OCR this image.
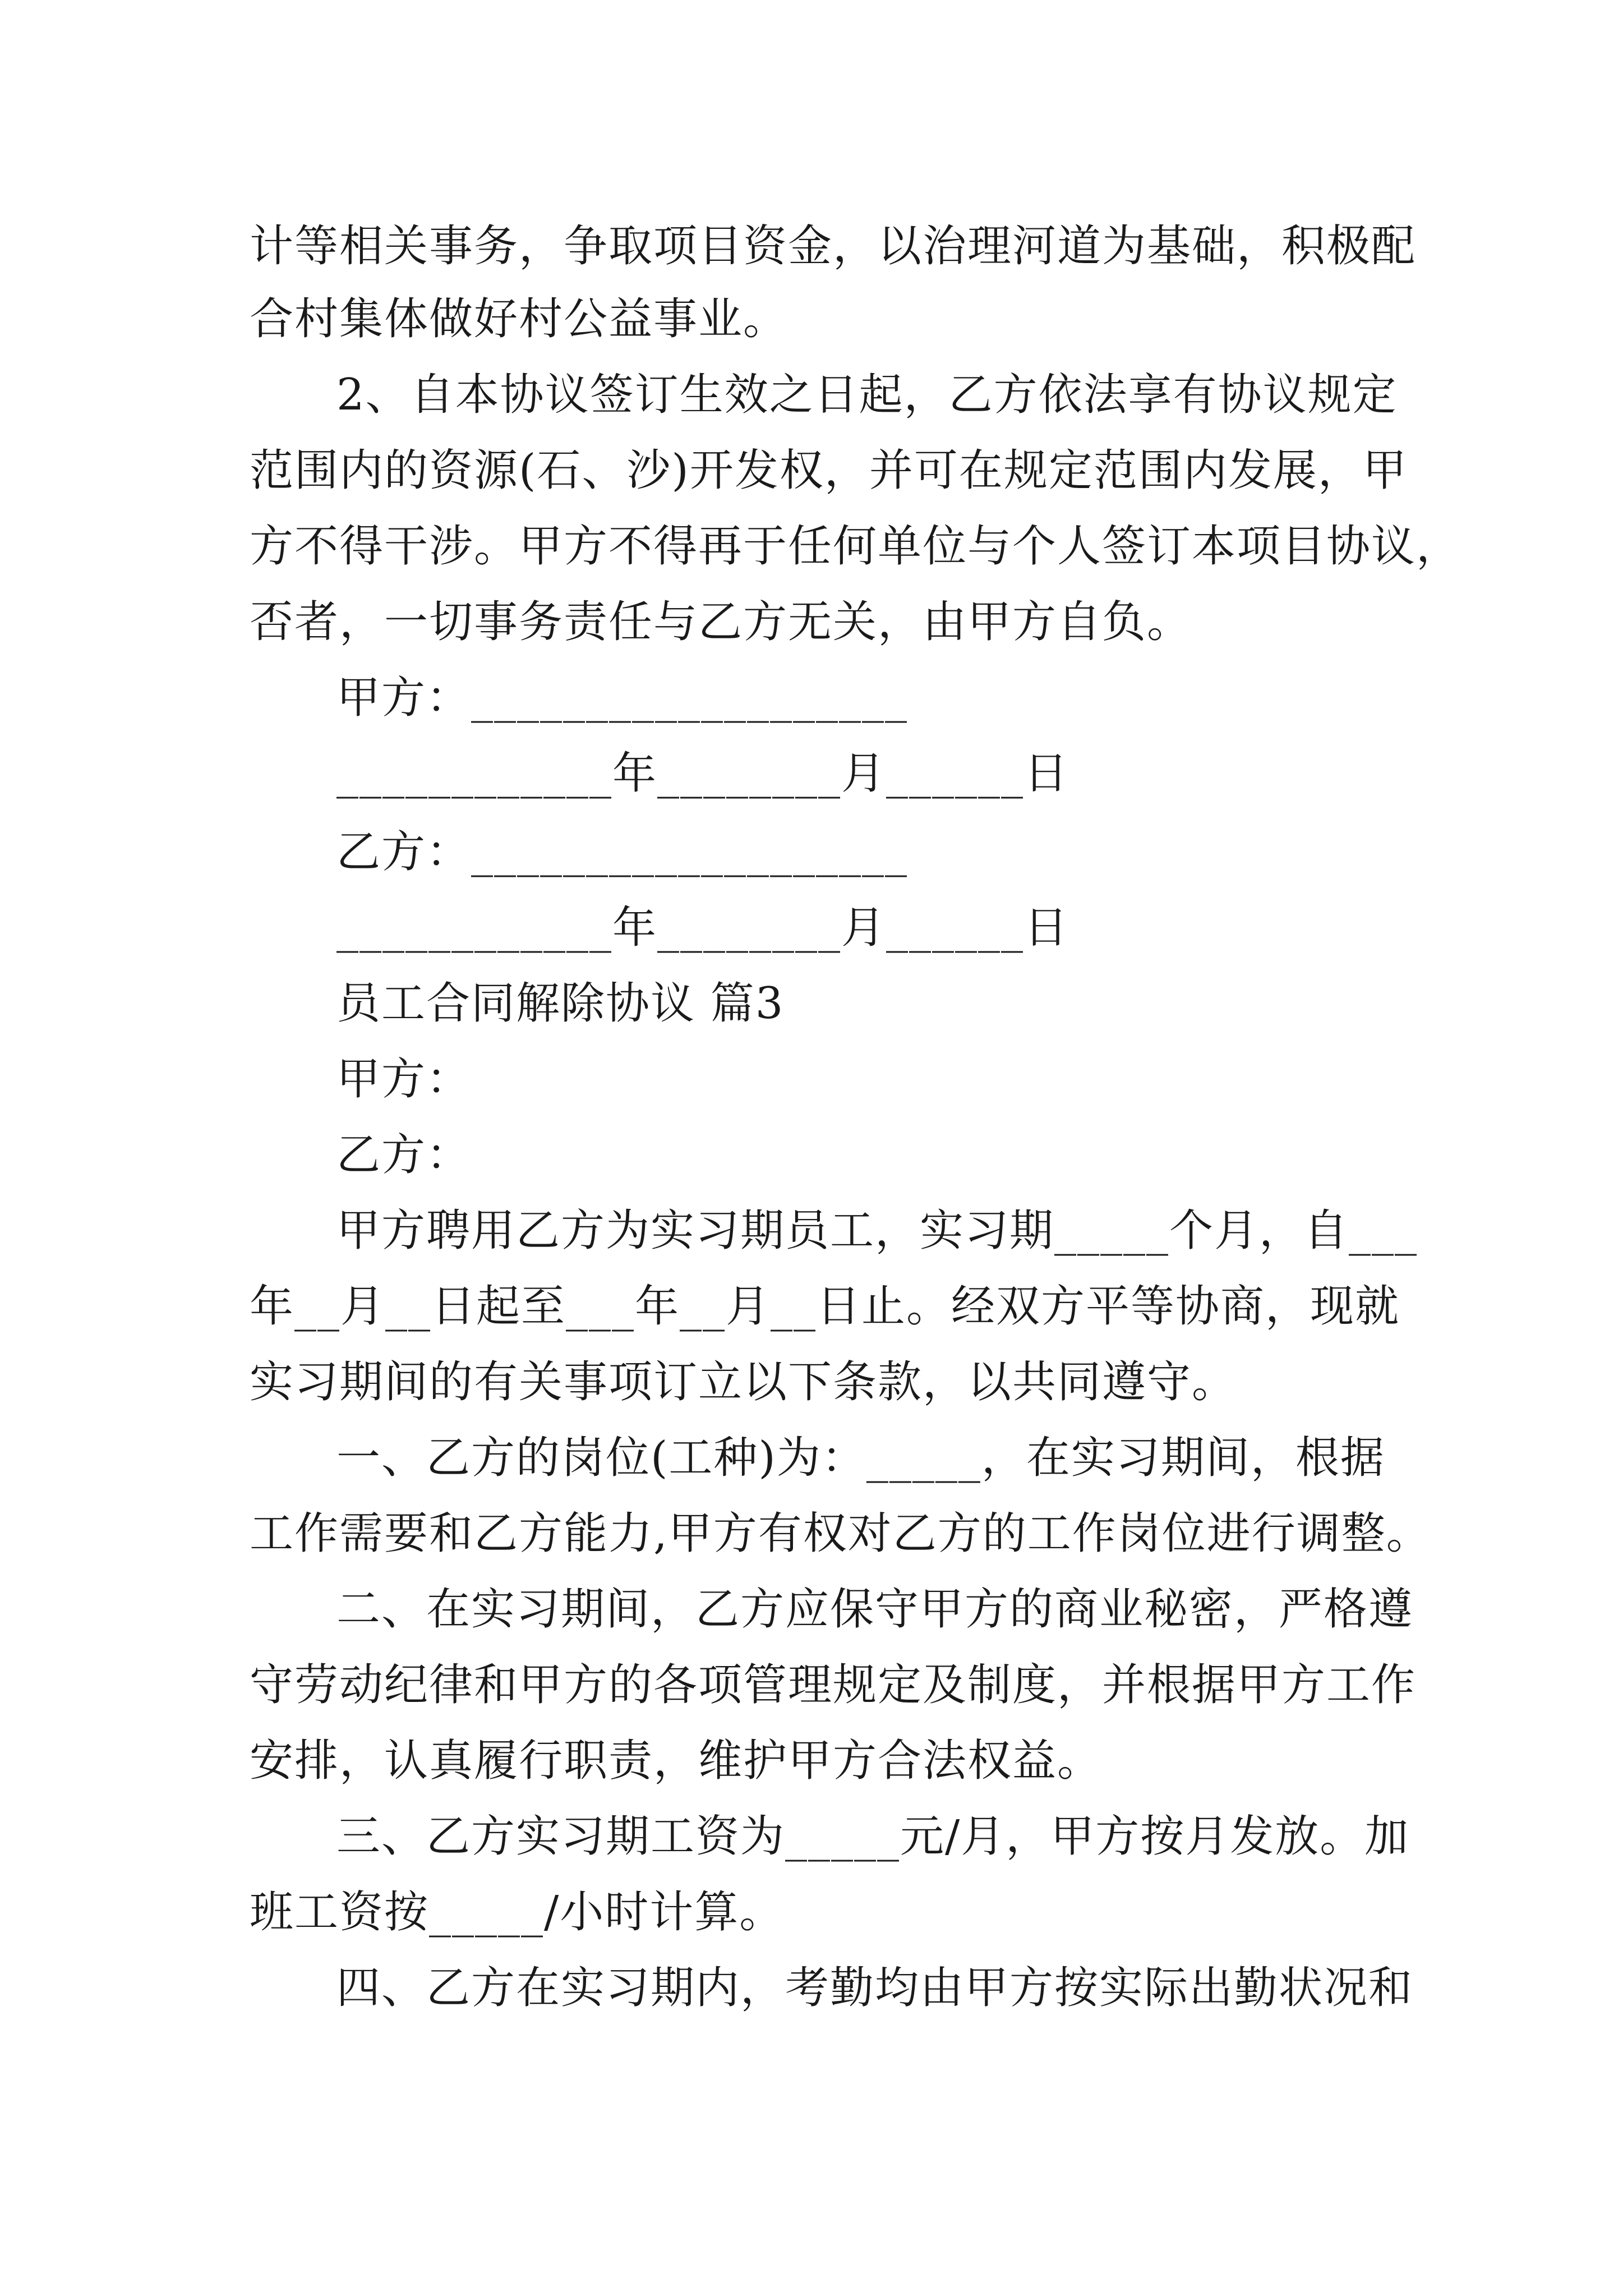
计等相关事务，争取项目资金，以治理河道为基础，积极配
合村集体做好村公益事业。
2、自本协议签订生效之日起，乙方依法享有协议规定
范围内的资源(石、沙)开发权，并可在规定范围内发展，甲
方不得干涉。甲方不得再于任何单位与个人签订本项目协议，
否者，一切事务责任与乙方无关，由甲方自负。
甲方：___________________
____________年________月______日
乙方：___________________
____________年________月______日
员工合同解除协议 篇3
甲方：
乙方：
甲方聘用乙方为实习期员工，实习期_____个月，自___
年__月__日起至___年__月__日止。经双方平等协商，现就
实习期间的有关事项订立以下条款，以共同遵守。
一、乙方的岗位(工种)为：_____，在实习期间，根据
工作需要和乙方能力,甲方有权对乙方的工作岗位进行调整。
二、在实习期间，乙方应保守甲方的商业秘密，严格遵
守劳动纪律和甲方的各项管理规定及制度，并根据甲方工作
安排，认真履行职责，维护甲方合法权益。
三、乙方实习期工资为_____元/月，甲方按月发放。加
班工资按_____/小时计算。
四、乙方在实习期内，考勤均由甲方按实际出勤状况和
